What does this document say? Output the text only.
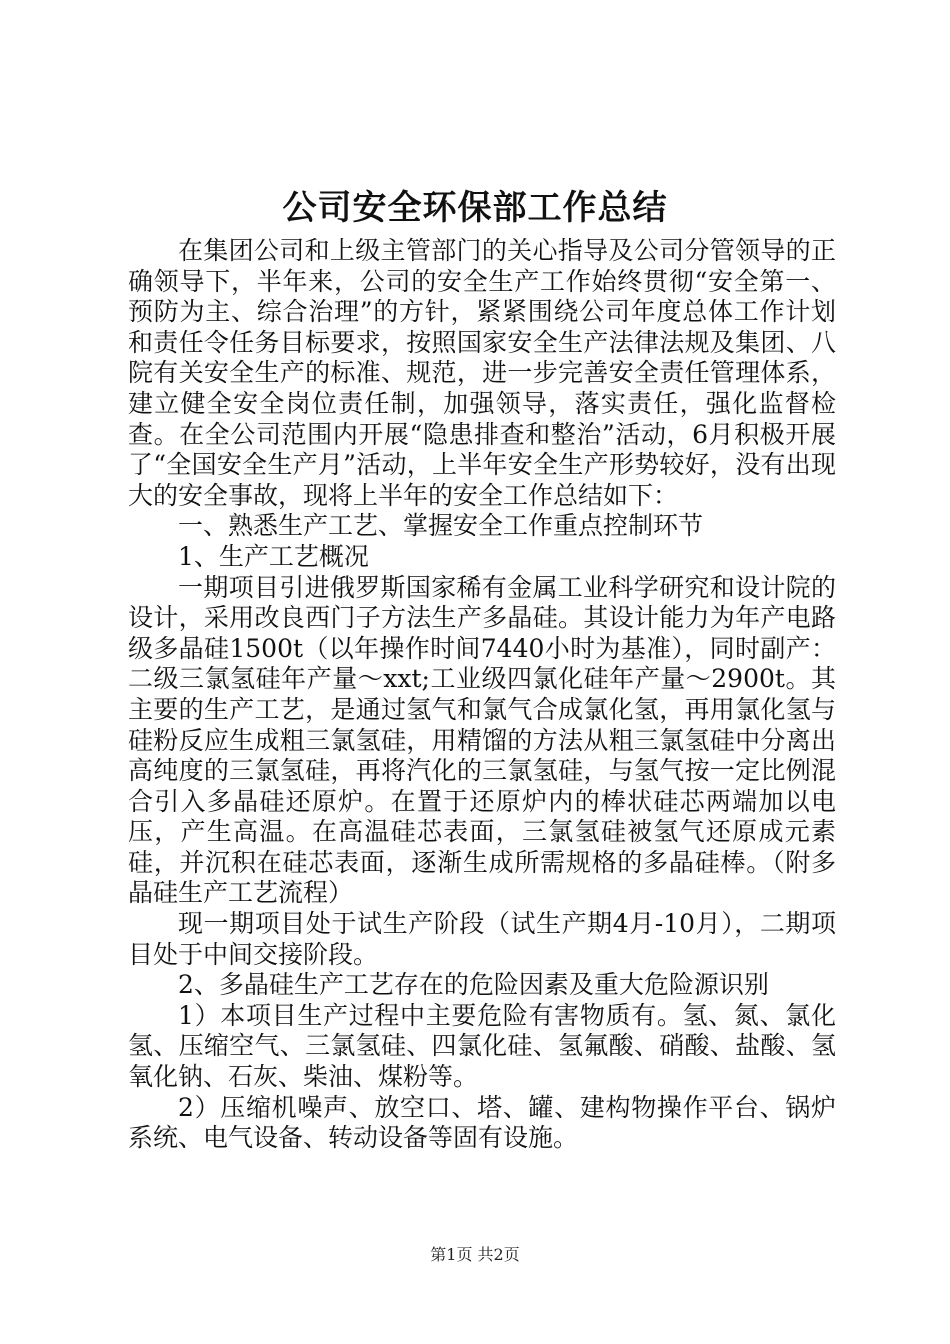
公司安全环保部工作总结

在集团公司和上级主管部门的关心指导及公司分管领导的正确领导下，半年来，公司的安全生产工作始终贯彻“安全第一、预防为主、综合治理”的方针，紧紧围绕公司年度总体工作计划和责任令任务目标要求，按照国家安全生产法律法规及集团、八院有关安全生产的标准、规范，进一步完善安全责任管理体系，建立健全安全岗位责任制，加强领导，落实责任，强化监督检查。在全公司范围内开展“隐患排查和整治”活动，6月积极开展了“全国安全生产月”活动，上半年安全生产形势较好，没有出现大的安全事故，现将上半年的安全工作总结如下：

一、熟悉生产工艺、掌握安全工作重点控制环节

1、生产工艺概况

一期项目引进俄罗斯国家稀有金属工业科学研究和设计院的设计，采用改良西门子方法生产多晶硅。其设计能力为年产电路级多晶硅1500t（以年操作时间7440小时为基准），同时副产：二级三氯氢硅年产量～xxt;工业级四氯化硅年产量～2900t。其主要的生产工艺，是通过氢气和氯气合成氯化氢，再用氯化氢与硅粉反应生成粗三氯氢硅，用精馏的方法从粗三氯氢硅中分离出高纯度的三氯氢硅，再将汽化的三氯氢硅，与氢气按一定比例混合引入多晶硅还原炉。在置于还原炉内的棒状硅芯两端加以电压，产生高温。在高温硅芯表面，三氯氢硅被氢气还原成元素硅，并沉积在硅芯表面，逐渐生成所需规格的多晶硅棒。（附多晶硅生产工艺流程）

现一期项目处于试生产阶段（试生产期4月-10月），二期项目处于中间交接阶段。

2、多晶硅生产工艺存在的危险因素及重大危险源识别

1）本项目生产过程中主要危险有害物质有。氢、氮、氯化氢、压缩空气、三氯氢硅、四氯化硅、氢氟酸、硝酸、盐酸、氢氧化钠、石灰、柴油、煤粉等。

2）压缩机噪声、放空口、塔、罐、建构物操作平台、锅炉系统、电气设备、转动设备等固有设施。

第1页 共2页
